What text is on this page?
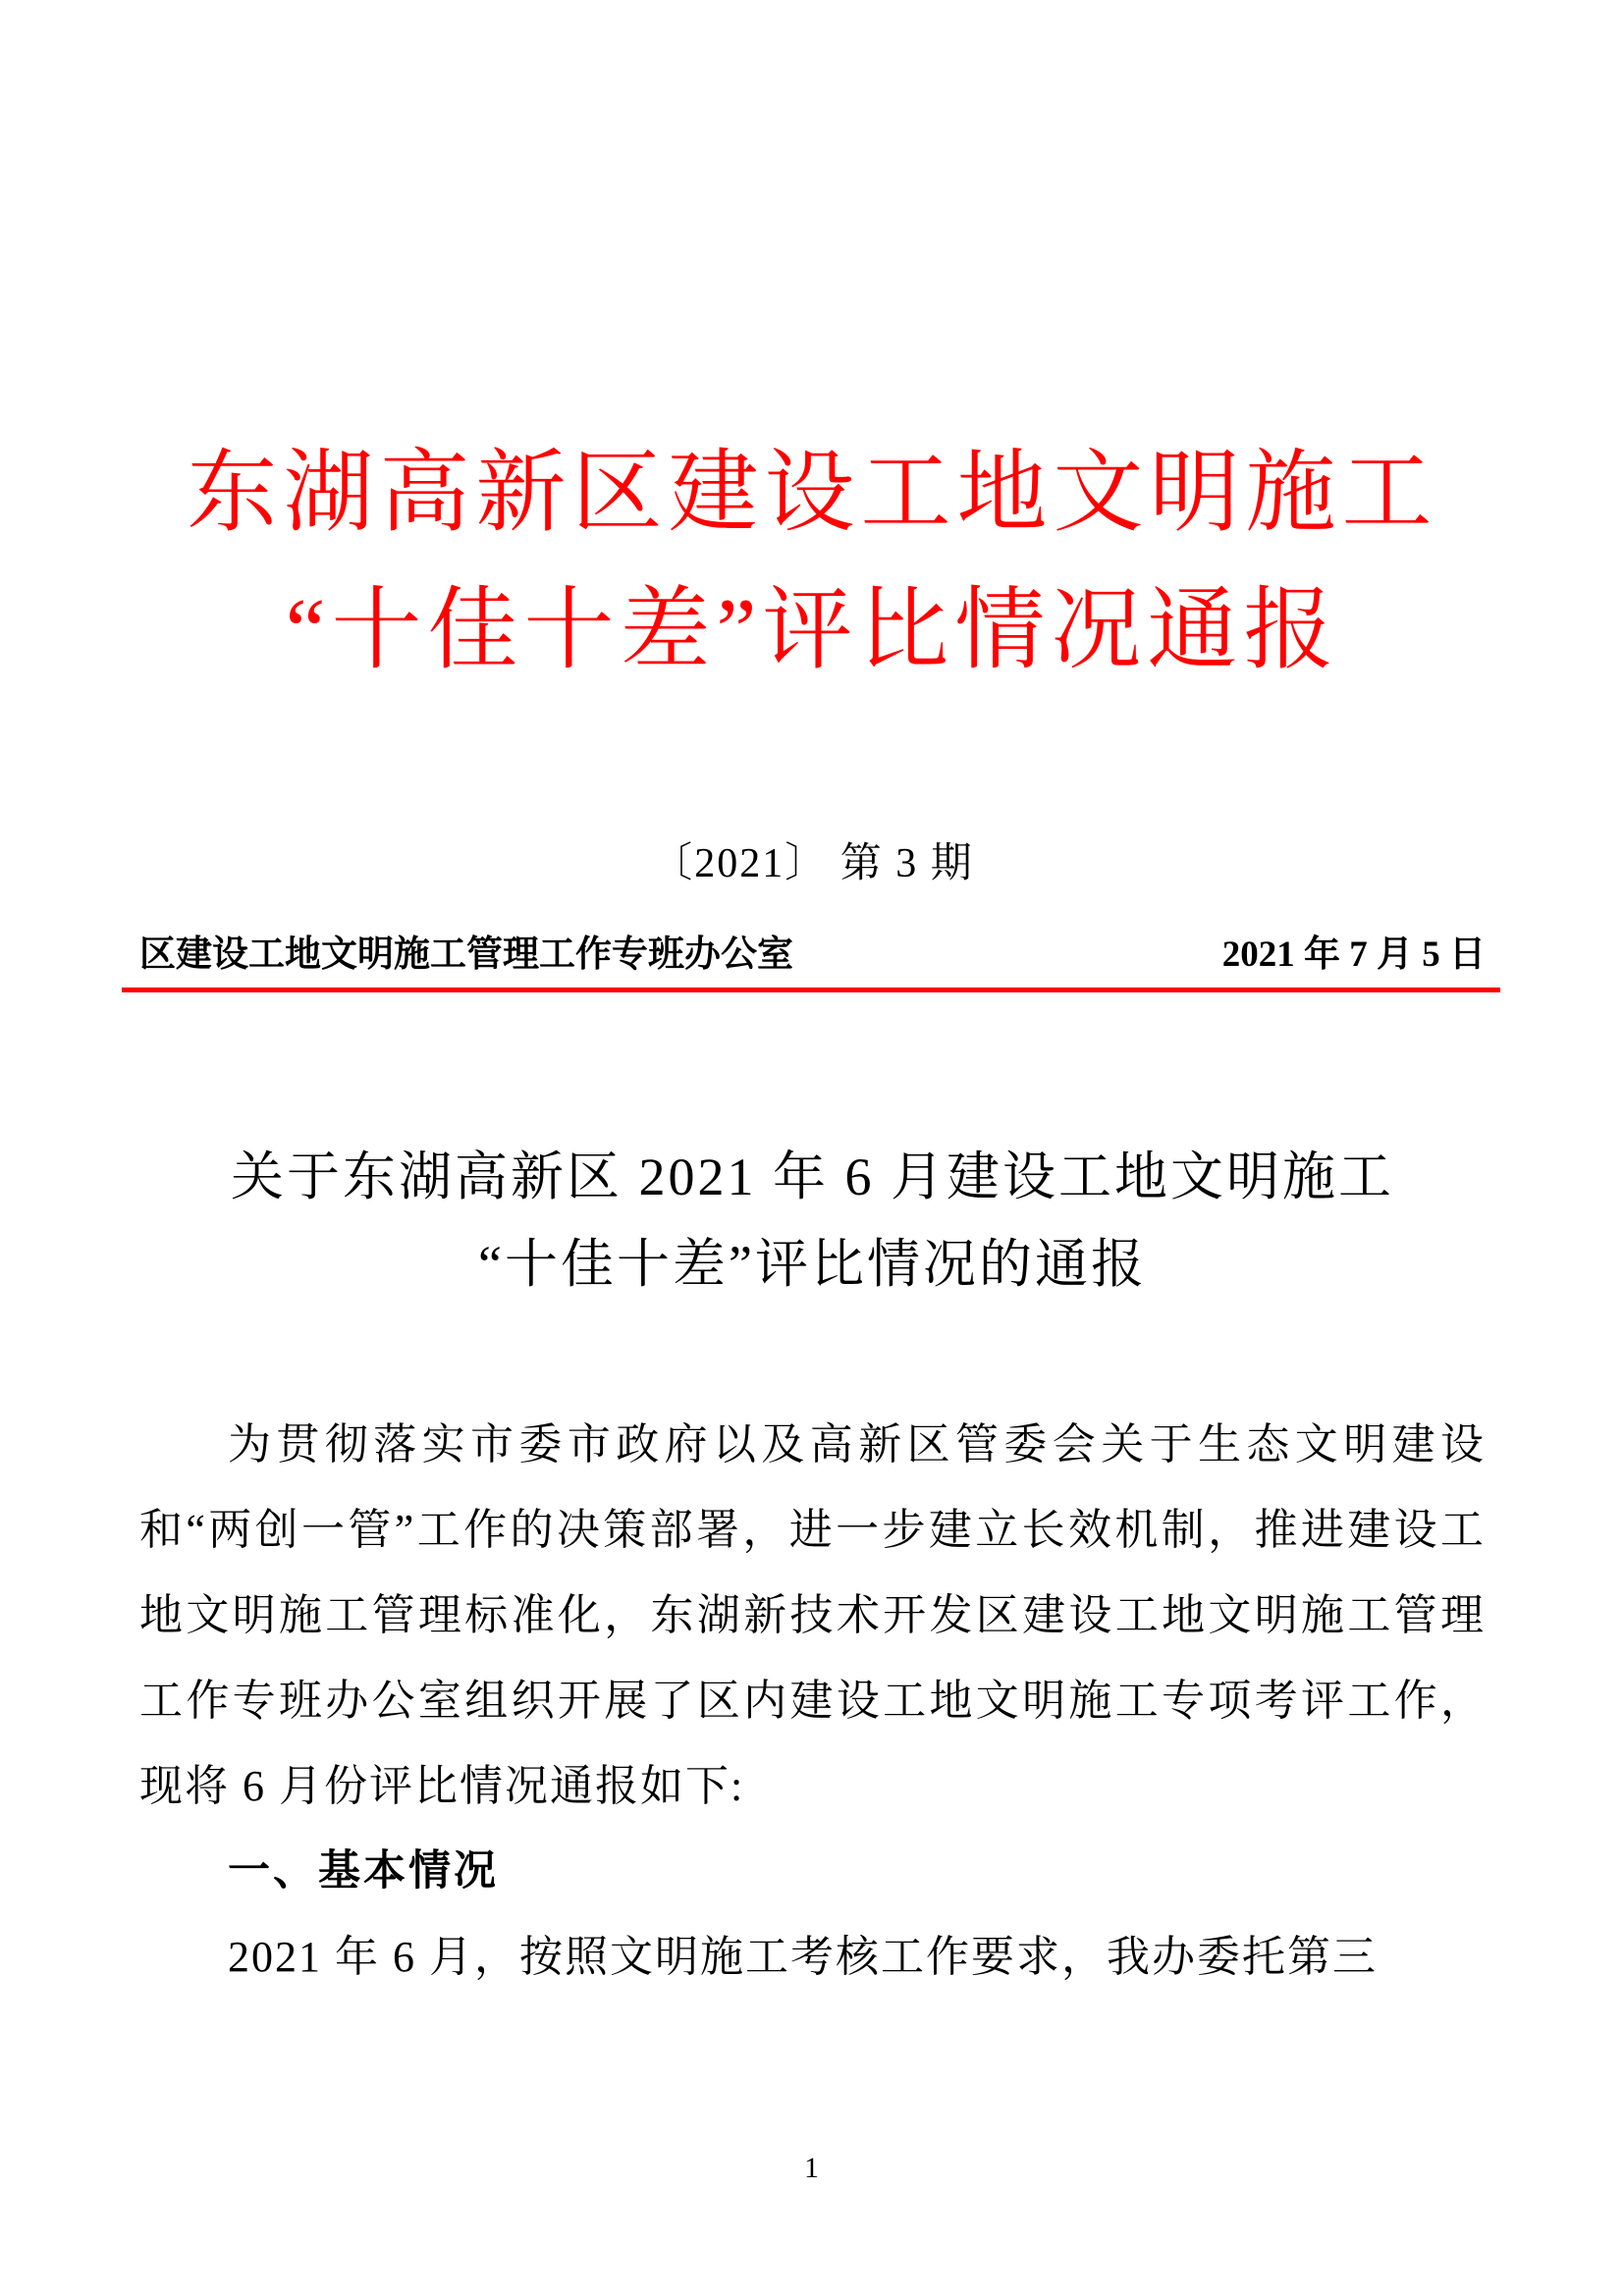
东湖高新区建设工地文明施工
“十佳十差”评比情况通报
〔2021〕 第 3 期
区建设工地文明施工管理工作专班办公室	2021 年 7 月 5 日
关于东湖高新区 2021 年 6 月建设工地文明施工
“十佳十差”评比情况的通报

为贯彻落实市委市政府以及高新区管委会关于生态文明建设和“两创一管”工作的决策部署，进一步建立长效机制，推进建设工地文明施工管理标准化，东湖新技术开发区建设工地文明施工管理工作专班办公室组织开展了区内建设工地文明施工专项考评工作，现将 6 月份评比情况通报如下:

一、基本情况

2021 年 6 月，按照文明施工考核工作要求，我办委托第三

1
